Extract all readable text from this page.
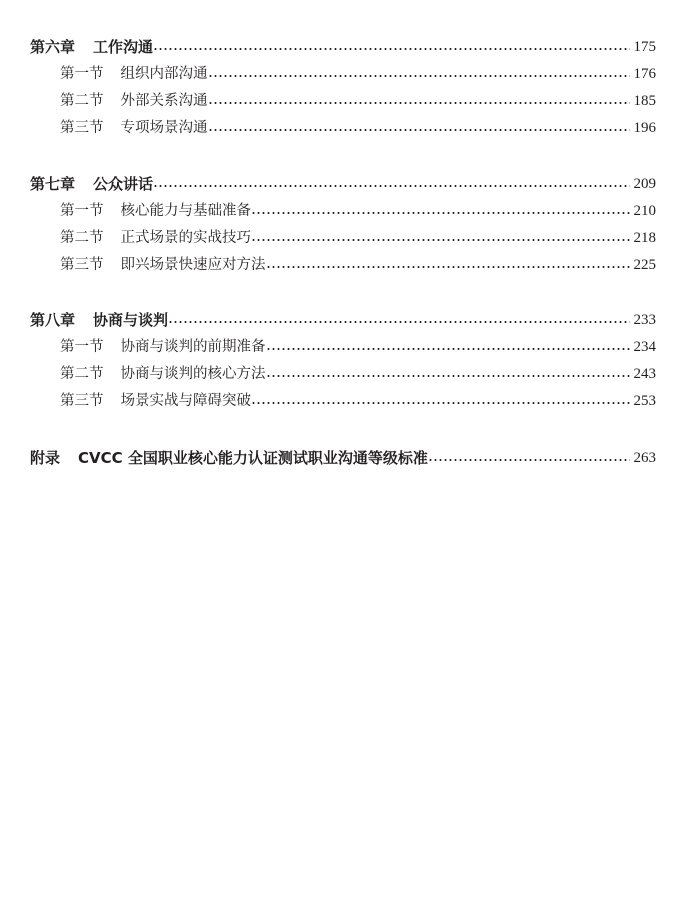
第六章 工作沟通	175
第一节 组织内部沟通	176
第二节 外部关系沟通	185
第三节 专项场景沟通	196
第七章 公众讲话	209
第一节 核心能力与基础准备	210
第二节 正式场景的实战技巧	218
第三节 即兴场景快速应对方法	225
第八章 协商与谈判	233
第一节 协商与谈判的前期准备	234
第二节 协商与谈判的核心方法	243
第三节 场景实战与障碍突破	253
附录 CVCC 全国职业核心能力认证测试职业沟通等级标准	263
